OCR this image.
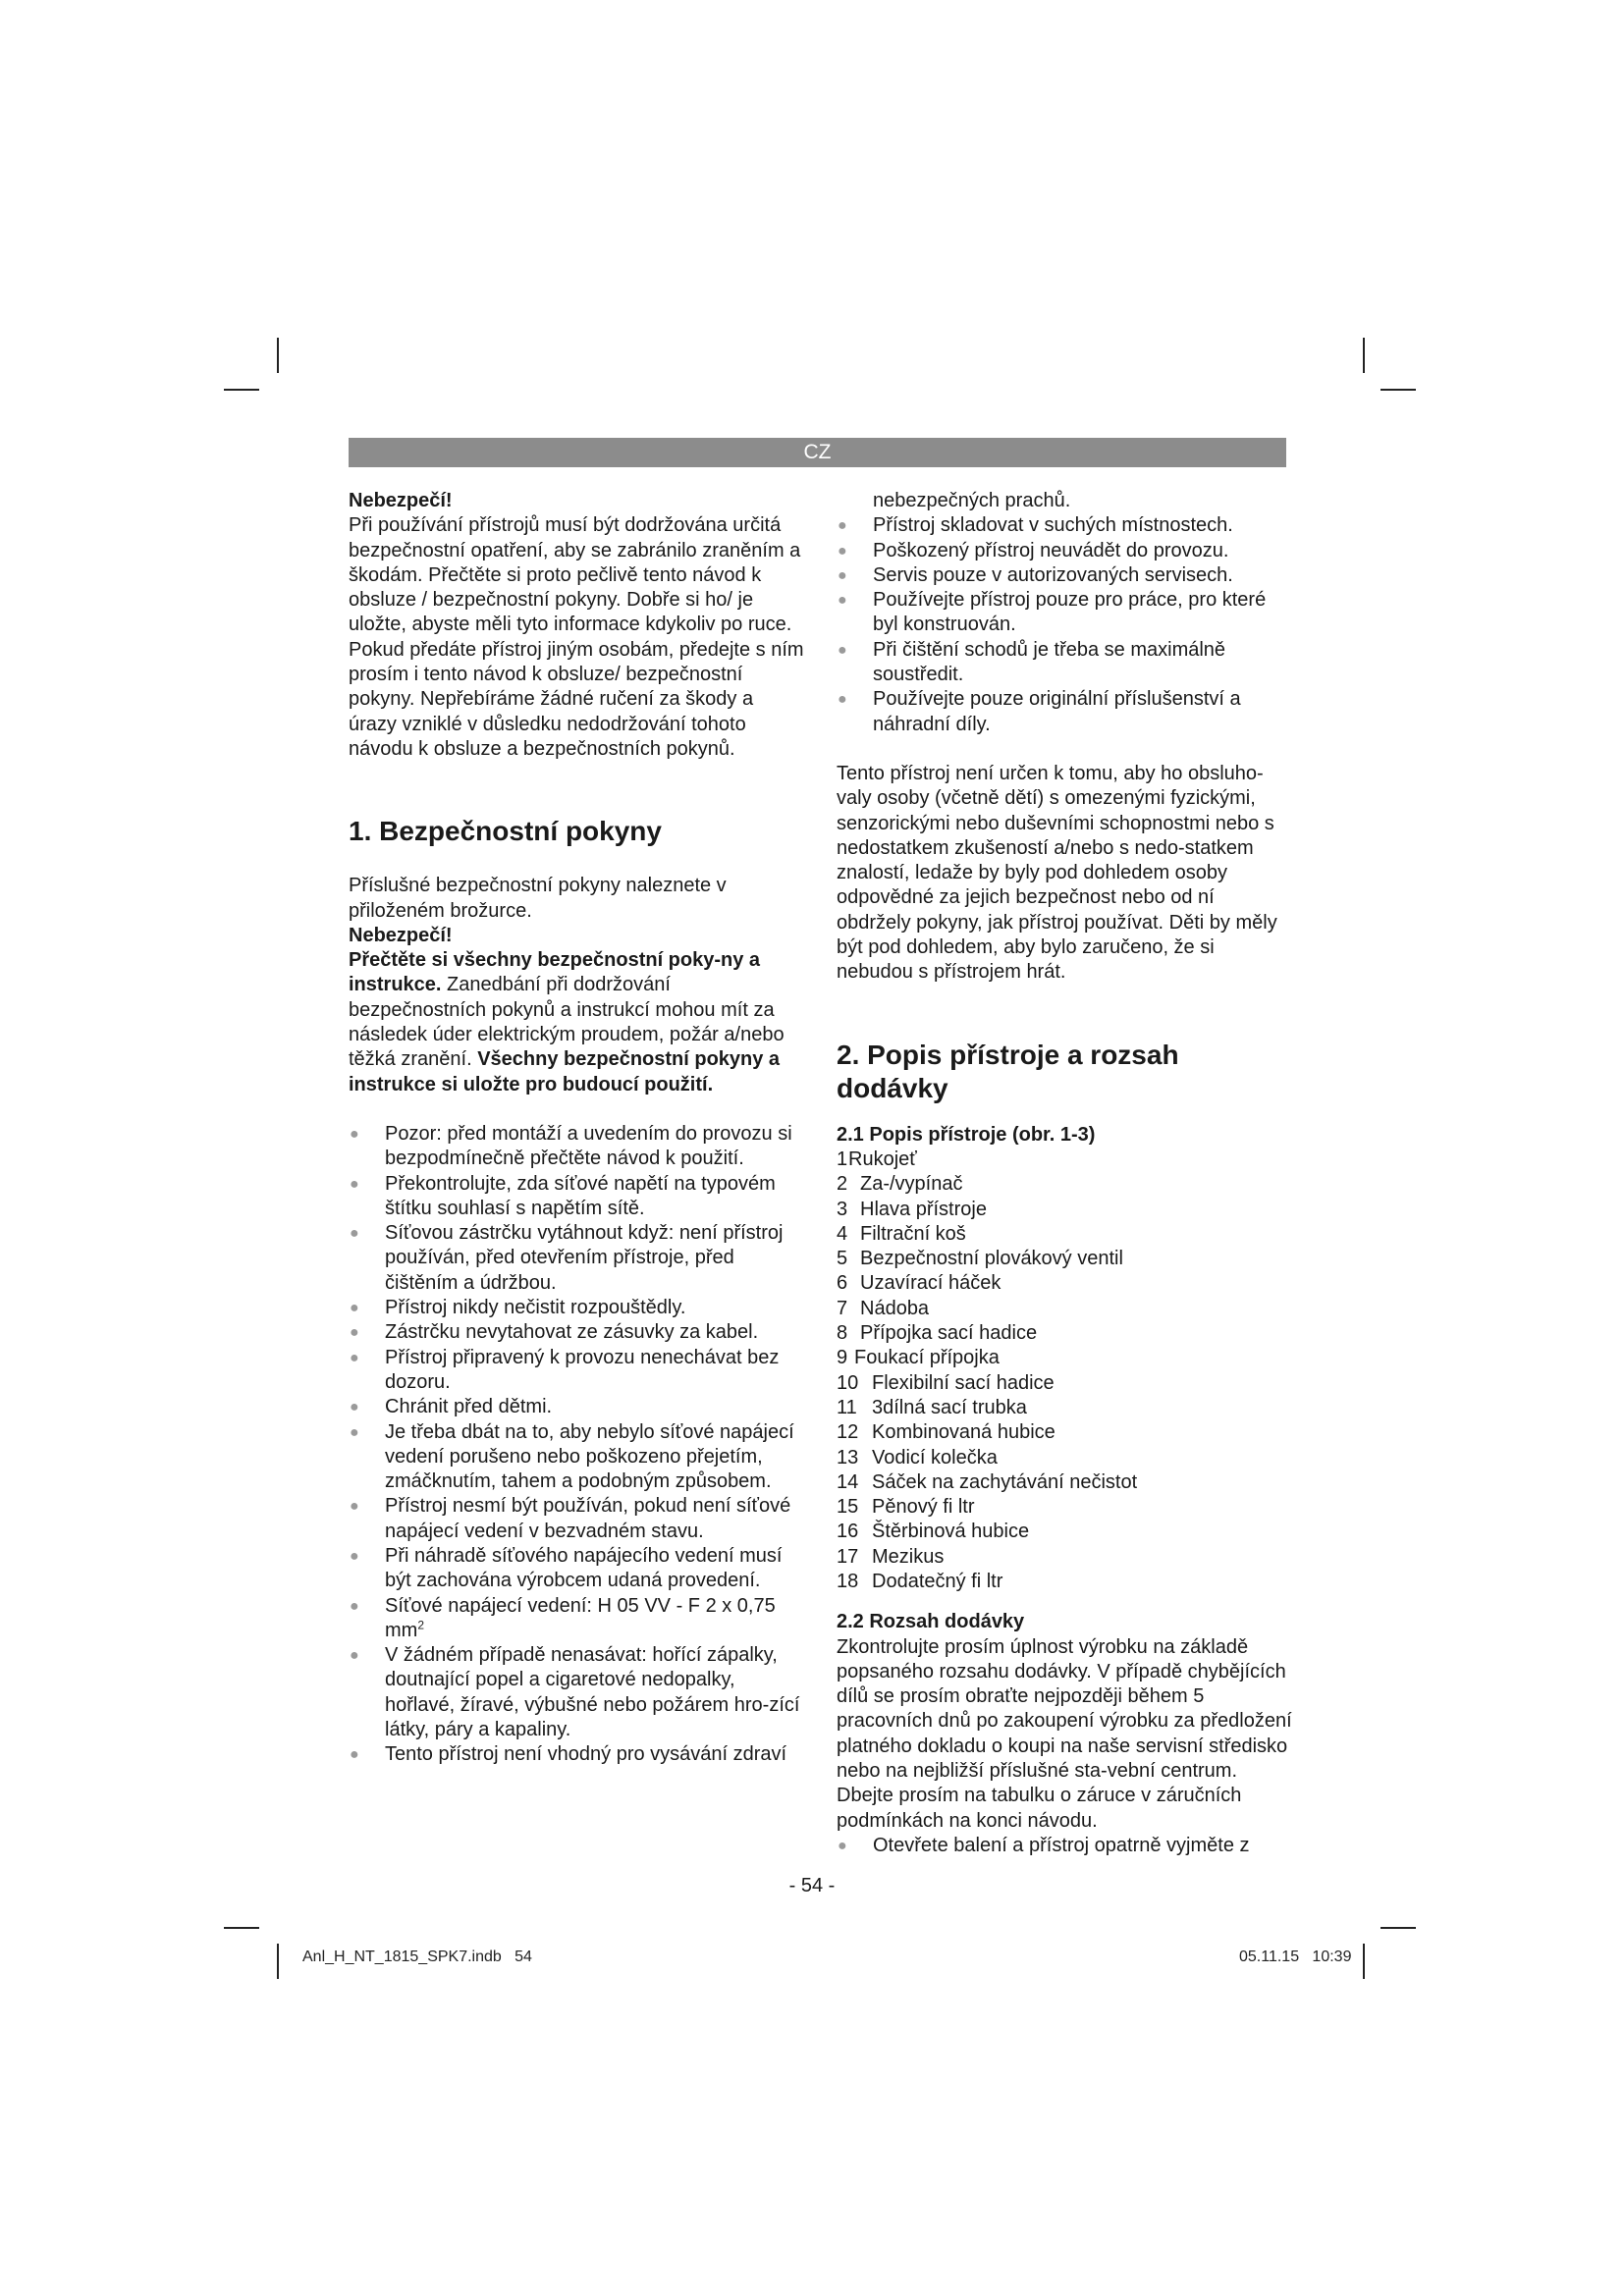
CZ

Nebezpečí!

Při používání přístrojů musí být dodržována určitá bezpečnostní opatření, aby se zabránilo zraněním a škodám. Přečtěte si proto pečlivě tento návod k obsluze / bezpečnostní pokyny. Dobře si ho/ je uložte, abyste měli tyto informace kdykoliv po ruce. Pokud předáte přístroj jiným osobám, předejte s ním prosím i tento návod k obsluze/ bezpečnostní pokyny. Nepřebíráme žádné ručení za škody a úrazy vzniklé v důsledku nedodržování tohoto návodu k obsluze a bezpečnostních pokynů.

1. Bezpečnostní pokyny

Příslušné bezpečnostní pokyny naleznete v přiloženém brožurce.

Nebezpečí!

Přečtěte si všechny bezpečnostní poky-ny a instrukce. Zanedbání při dodržování bezpečnostních pokynů a instrukcí mohou mít za následek úder elektrickým proudem, požár a/nebo těžká zranění. Všechny bezpečnostní pokyny a instrukce si uložte pro budoucí použití.

● Pozor: před montáží a uvedením do provozu si bezpodmínečně přečtěte návod k použití.
● Překontrolujte, zda síťové napětí na typovém štítku souhlasí s napětím sítě.
● Síťovou zástrčku vytáhnout když: není přístroj používán, před otevřením přístroje, před čištěním a údržbou.
● Přístroj nikdy nečistit rozpouštědly.
● Zástrčku nevytahovat ze zásuvky za kabel.
● Přístroj připravený k provozu nenechávat bez dozoru.
● Chránit před dětmi.
● Je třeba dbát na to, aby nebylo síťové napájecí vedení porušeno nebo poškozeno přejetím, zmáčknutím, tahem a podobným způsobem.
● Přístroj nesmí být používán, pokud není síťové napájecí vedení v bezvadném stavu.
● Při náhradě síťového napájecího vedení musí být zachována výrobcem udaná provedení.
● Síťové napájecí vedení: H 05 VV - F 2 x 0,75 $mm^2$
● V žádném případě nenasávat: hořící zápalky, doutnající popel a cigaretové nedopalky, hořlavé, žíravé, výbušné nebo požárem hro-zící látky, páry a kapaliny.
● Tento přístroj není vhodný pro vysávání zdraví

nebezpečných prachů.

● Přístroj skladovat v suchých místnostech.
● Poškozený přístroj neuvádět do provozu.
● Servis pouze v autorizovaných servisech.
● Používejte přístroj pouze pro práce, pro které byl konstruován.
● Při čištění schodů je třeba se maximálně soustředit.
● Používejte pouze originální příslušenství a náhradní díly.

Tento přístroj není určen k tomu, aby ho obsluho-valy osoby (včetně dětí) s omezenými fyzickými, senzorickými nebo duševními schopnostmi nebo s nedostatkem zkušeností a/nebo s nedo-statkem znalostí, ledaže by byly pod dohledem osoby odpovědné za jejich bezpečnost nebo od ní obdržely pokyny, jak přístroj používat. Děti by měly být pod dohledem, aby bylo zaručeno, že si nebudou s přístrojem hrát.

2. Popis přístroje a rozsah dodávky

2.1 Popis přístroje (obr. 1-3)

1 Rukojeť
2 Za-/vypínač
3 Hlava přístroje
4 Filtrační koš
5 Bezpečnostní plovákový ventil
6 Uzavírací háček
7 Nádoba
8 Přípojka sací hadice
9 Foukací přípojka
10 Flexibilní sací hadice
11 3dílná sací trubka
12 Kombinovaná hubice
13 Vodicí kolečka
14 Sáček na zachytávání nečistot
15 Pěnový fi ltr
16 Štěrbinová hubice
17 Mezikus
18 Dodatečný fi ltr

2.2 Rozsah dodávky

Zkontrolujte prosím úplnost výrobku na základě popsaného rozsahu dodávky. V případě chybějících dílů se prosím obraťte nejpozději během 5 pracovních dnů po zakoupení výrobku za předložení platného dokladu o koupi na naše servisní středisko nebo na nejbližší příslušné sta-vební centrum. Dbejte prosím na tabulku o záruce v záručních podmínkách na konci návodu.

● Otevřete balení a přístroj opatrně vyjměte z
- 54 -
Anl_H_NT_1815_SPK7.indb   54	05.11.15   10:39
